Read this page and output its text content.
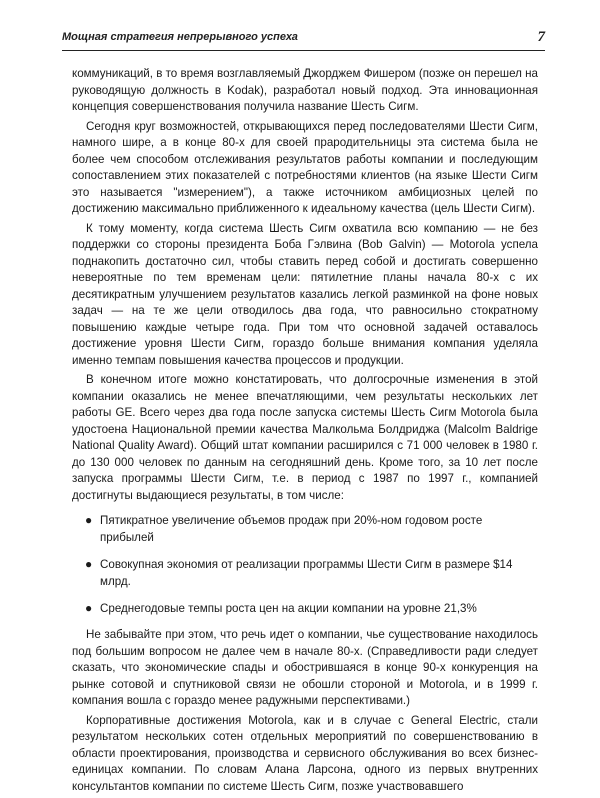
Мощная стратегия непрерывного успеха	7

коммуникаций, в то время возглавляемый Джорджем Фишером (позже он перешел на руководящую должность в Kodak), разработал новый подход. Эта инновационная концепция совершенствования получила название Шесть Сигм.

Сегодня круг возможностей, открывающихся перед последователями Шести Сигм, намного шире, а в конце 80-х для своей прародительницы эта система была не более чем способом отслеживания результатов работы компании и последующим сопоставлением этих показателей с потребностями клиентов (на языке Шести Сигм это называется "измерением"), а также источником амбициозных целей по достижению максимально приближенного к идеальному качества (цель Шести Сигм).

К тому моменту, когда система Шесть Сигм охватила всю компанию — не без поддержки со стороны президента Боба Гэлвина (Bob Galvin) — Motorola успела поднакопить достаточно сил, чтобы ставить перед собой и достигать совершенно невероятные по тем временам цели: пятилетние планы начала 80-х с их десятикратным улучшением результатов казались легкой разминкой на фоне новых задач — на те же цели отводилось два года, что равносильно стократному повышению каждые четыре года. При том что основной задачей оставалось достижение уровня Шести Сигм, гораздо больше внимания компания уделяла именно темпам повышения качества процессов и продукции.

В конечном итоге можно констатировать, что долгосрочные изменения в этой компании оказались не менее впечатляющими, чем результаты нескольких лет работы GE. Всего через два года после запуска системы Шесть Сигм Motorola была удостоена Национальной премии качества Малкольма Болдриджа (Malcolm Baldrige National Quality Award). Общий штат компании расширился с 71 000 человек в 1980 г. до 130 000 человек по данным на сегодняшний день. Кроме того, за 10 лет после запуска программы Шести Сигм, т.е. в период с 1987 по 1997 г., компанией достигнуты выдающиеся результаты, в том числе:

● Пятикратное увеличение объемов продаж при 20%-ном годовом росте прибылей
● Совокупная экономия от реализации программы Шести Сигм в размере $14 млрд.
● Среднегодовые темпы роста цен на акции компании на уровне 21,3%

Не забывайте при этом, что речь идет о компании, чье существование находилось под большим вопросом не далее чем в начале 80-х. (Справедливости ради следует сказать, что экономические спады и обострившаяся в конце 90-х конкуренция на рынке сотовой и спутниковой связи не обошли стороной и Motorola, и в 1999 г. компания вошла с гораздо менее радужными перспективами.)

Корпоративные достижения Motorola, как и в случае с General Electric, стали результатом нескольких сотен отдельных мероприятий по совершенствованию в области проектирования, производства и сервисного обслуживания во всех бизнес-единицах компании. По словам Алана Ларсона, одного из первых внутренних консультантов компании по системе Шесть Сигм, позже участвовавшего
